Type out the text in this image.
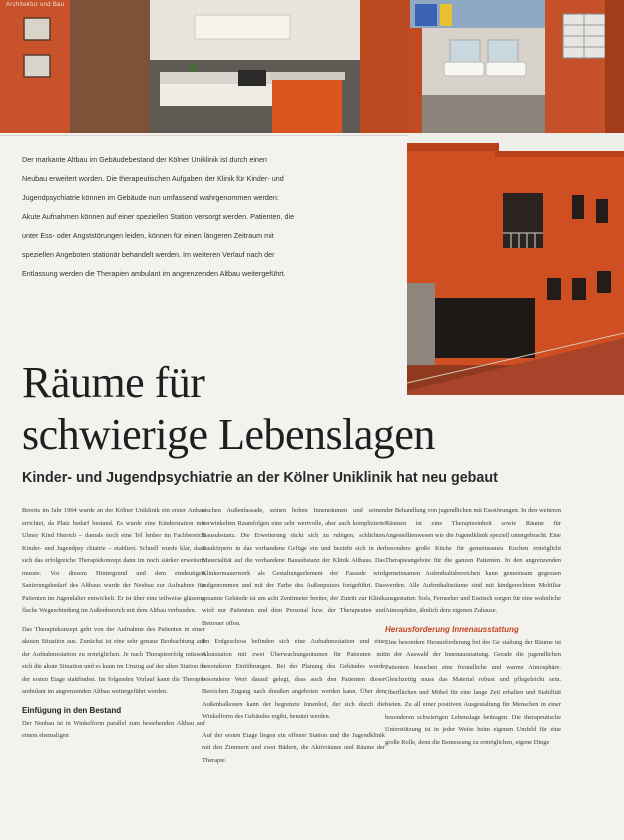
Architektur und Bau
Der markante Altbau im Gebäudebestand der Kölner Uniklinik ist durch einen
Neubau erweitert worden. Die therapeutischen Aufgaben der Klinik für Kinder- und
Jugendpsychiatrie können im Gebäude nun umfassend wahrgenommen werden:
Akute Aufnahmen können auf einer speziellen Station versorgt werden. Patienten, die
unter Ess- oder Angststörungen leiden, können für einen längeren Zeitraum mit
speziellen Angeboten stationär behandelt werden. Im weiteren Verlauf nach der
Entlassung werden die Therapien ambulant im angrenzenden Altbau weitergeführt.
Räume für
schwierige Lebenslagen
Kinder- und Jugendpsychiatrie an der Kölner Uniklinik hat neu gebaut

Bereits im Jahr 1904 wurde an der Kölner Uniklinik ein erster Anbau errichtet, da Platz bedarf bestand. Es wurde eine Kinderstation mit Ulmer Kind Herrich – damals noch eine Tel lenber im Fachbereich Kinder- und Jugendpsy chiatrie – etabliert. Schnell wurde klar, dass sich das erfolgreiche Therapiekonzept dann im noch stärker erweitern musste. Vor diesem Hintergrund und dem eindeutigen Sanierungsbedarf des Altbaus wurde der Neubau zur Aufnahme für Patienten im Jugendalter entwickelt. Er ist über eine teilweise gläserne flache Wegeerbindung im Außenbereich mit dem Altbau verbunden.

Das Therapiekonzept geht von der Aufnahme des Patienten in einer akuten Situation aus. Zunächst ist eine sehr genaue Beobachtung auf der Aufnahmestation zu ermöglichen. Je nach Therapieerfolg müssen sich die akute Situation und es kann im Umzug auf der alten Station in der ersten Etage stattfinden. Im folgenden Verlauf kann die Therapie ambulant im angrenzenden Altbau weitergeführt werden.

Einfügung in den Bestand

Der Neubau ist in Winkelform parallel zum bestehenden Altbau auf einem ehemaligen

sischen Außenfassade, seinen hohen Innenräumen und seinen verwinkelten Raumfolgen eine sehr wertvolle, aber auch komplizierte Bausubstanz. Die Erweiterung rückt sich zu ruhigen, schlichten Baukörpern in das vorhandene Gefüge ein und bezieht sich in der Materialität auf die vorhandene Bausubstanz der Klinik Altbaus. Das Klinkermauerwerk als Gestaltungselement der Fassade wird aufgenommen und mit der Farbe des Außenputzes fortgeführt. Das gesamte Gebäude ist um acht Zentimeter breiter, der Zutritt zur Klinik wird nur Patienten und dem Personal bzw. der Therapeuten und Betreuer offen.

Im Erdgeschoss befinden sich eine Aufnahmestation und eine Akutstation mit zwei Überwachungsräumen für Patienten mit besonderen Einführungen. Bei der Planung des Gebäudes wurde besonderer Wert darauf gelegt, dass auch den Patienten dieser Bereichen Zugang nach draußen angeboten werden kann. Über den Außenbalkonen kann der begrenzte Innenhof, der sich durch die Winkelform des Gebäudes ergibt, benutzt werden.

Auf der ersten Etage liegen ein offener Station und die Jugendklinik mit den Zimmern und zwei Bädern, die Aktivräume und Räume der Therapie.

der Behandlung von jugendlichen mit Essstörungen. In den weiteren Räumen ist eine Therapieeinheit sowie Räume für Angestelltenwesen wie die Jugendklinik speziell untergebracht. Eine besonders große Küche für gemeinsames Kochen ermöglicht Therapieangebote für die ganzen Patienten. In den angrenzenden gemeinsamen Aufenthaltsbereichen kann gemeinsam gegessen werden. Alle Aufenthaltsräume sind mit kindgerechtem Mobiliar ausgestattet: Sofa, Fernseher und Esstisch sorgen für eine wohnliche Atmosphäre, ähnlich dem eigenen Zuhause.

Herausforderung Innenausstattung

Eine besondere Herausforderung bei der Ge staltung der Räume ist in der Auswahl der Innenausstattung. Gerade die jugendlichen Patienten brauchen eine freundliche und warme Atmosphäre. Gleichzeitig muss das Material robust und pflegeleicht sein. Oberflächen und Möbel für eine lange Zeit erhalten und Stabilität bieten. Zu all einer positiven Ausgestaltung für Menschen in einer besonderen schwierigen Lebenslage beitragen. Die therapeutische Unterstützung ist in jeder Weise beim eigenen Umfeld für eine große Rolle, denn die Bemessung zu ermöglichen, eigene Dinge
